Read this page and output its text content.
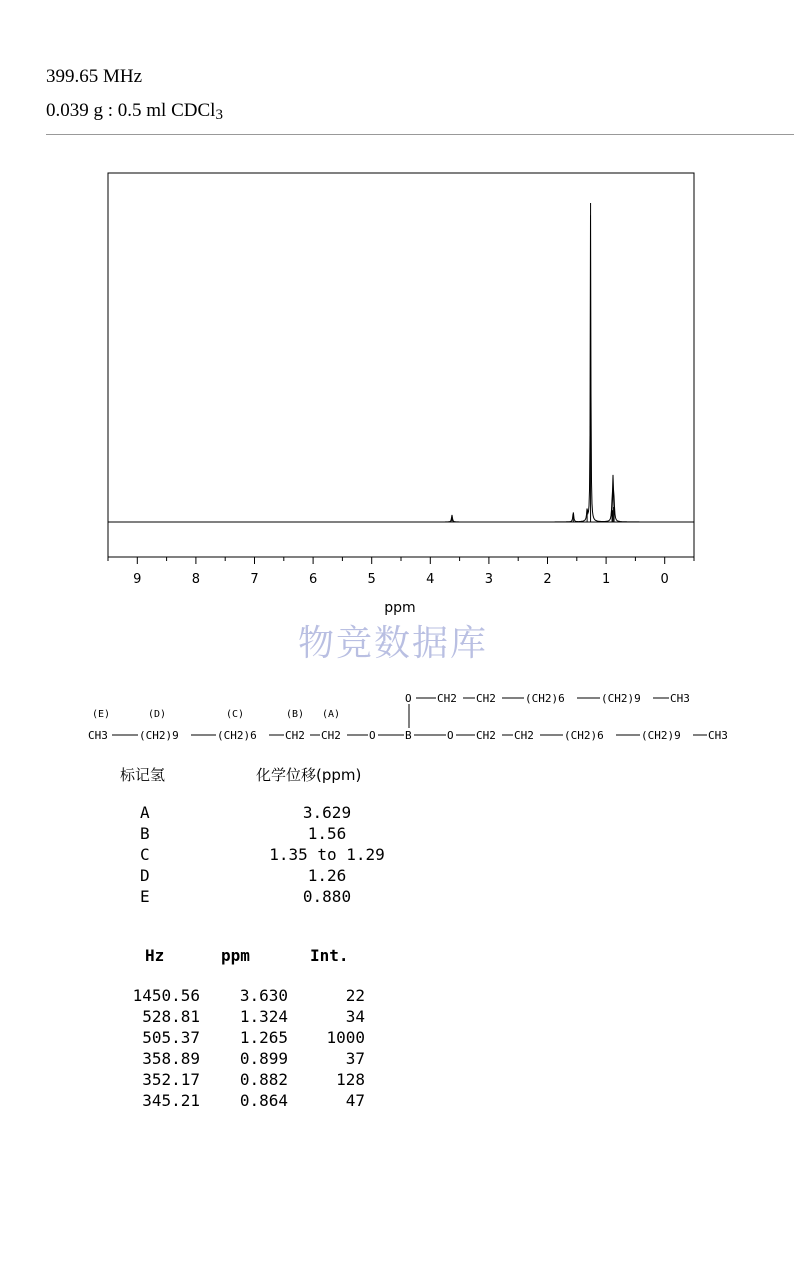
399.65 MHz
0.039 g : 0.5 ml CDCl$_3$
9	8	7	6	5	4	3	2	1	0
ppm
物竞数据库
(E)	(D)	(C)	(B) (A)
O CH2 CH2	(CH2)6	(CH2)9	CH3
CH3	(CH2)9	(CH2)6	CH2 CH2	O	B	O CH2 CH2	(CH2)6	(CH2)9 CH3
标记氢	化学位移(ppm)
A	3.629
B	1.56
C	1.35 to 1.29
D	1.26
E	0.880
Hz	ppm	Int.
1450.56	3.630	22
528.81	1.324	34
505.37	1.265	1000
358.89	0.899	37
352.17	0.882	128
345.21	0.864	47
